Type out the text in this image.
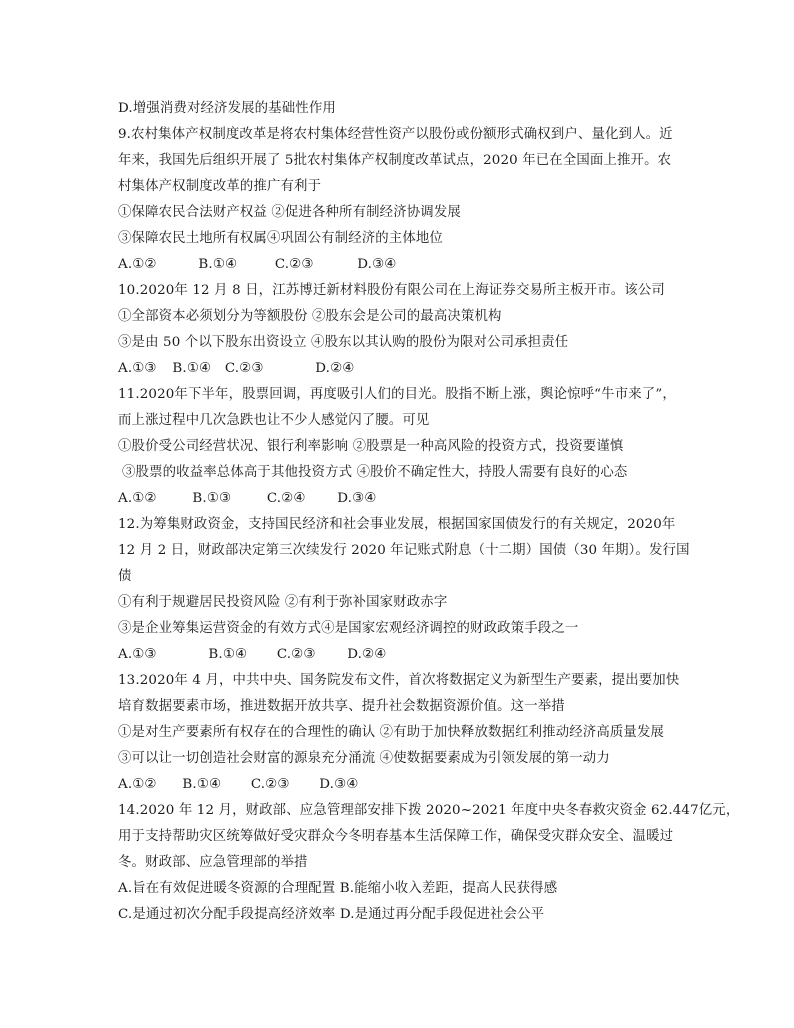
D.增强消费对经济发展的基础性作用
9.农村集体产权制度改革是将农村集体经营性资产以股份或份额形式确权到户、量化到人。近
年来，我国先后组织开展了 5批农村集体产权制度改革试点，2020 年已在全国面上推开。农
村集体产权制度改革的推广有利于
①保障农民合法财产权益 ②促进各种所有制经济协调发展
③保障农民土地所有权属④巩固公有制经济的主体地位
A.①②	B.①④	C.②③	D.③④
10.2020年 12 月 8 日，江苏博迁新材料股份有限公司在上海证券交易所主板开市。该公司
①全部资本必须划分为等额股份 ②股东会是公司的最高决策机构
③是由 50 个以下股东出资设立 ④股东以其认购的股份为限对公司承担责任
A.①③ B.①④ C.②③	D.②④
11.2020年下半年，股票回调，再度吸引人们的目光。股指不断上涨，舆论惊呼“牛市来了”，
而上涨过程中几次急跌也让不少人感觉闪了腰。可见
①股价受公司经营状况、银行利率影响 ②股票是一种高风险的投资方式，投资要谨慎
③股票的收益率总体高于其他投资方式 ④股价不确定性大，持股人需要有良好的心态
A.①②	B.①③	C.②④ D.③④
12.为筹集财政资金，支持国民经济和社会事业发展，根据国家国债发行的有关规定，2020年
12 月 2 日，财政部决定第三次续发行 2020 年记账式附息（十二期）国债（30 年期）。发行国
债
①有利于规避居民投资风险 ②有利于弥补国家财政赤字
③是企业筹集运营资金的有效方式④是国家宏观经济调控的财政政策手段之一
A.①③	B.①④ C.②③ D.②④
13.2020年 4 月，中共中央、国务院发布文件，首次将数据定义为新型生产要素，提出要加快
培育数据要素市场，推进数据开放共享、提升社会数据资源价值。这一举措
①是对生产要素所有权存在的合理性的确认 ②有助于加快释放数据红利推动经济高质量发展
③可以让一切创造社会财富的源泉充分涌流 ④使数据要素成为引领发展的第一动力
A.①② B.①④ C.②③ D.③④
14.2020 年 12 月，财政部、应急管理部安排下拨 2020~2021 年度中央冬春救灾资金 62.447亿元，
用于支持帮助灾区统筹做好受灾群众今冬明春基本生活保障工作，确保受灾群众安全、温暖过
冬。财政部、应急管理部的举措
A.旨在有效促进暖冬资源的合理配置 B.能缩小收入差距，提高人民获得感
C.是通过初次分配手段提高经济效率 D.是通过再分配手段促进社会公平
